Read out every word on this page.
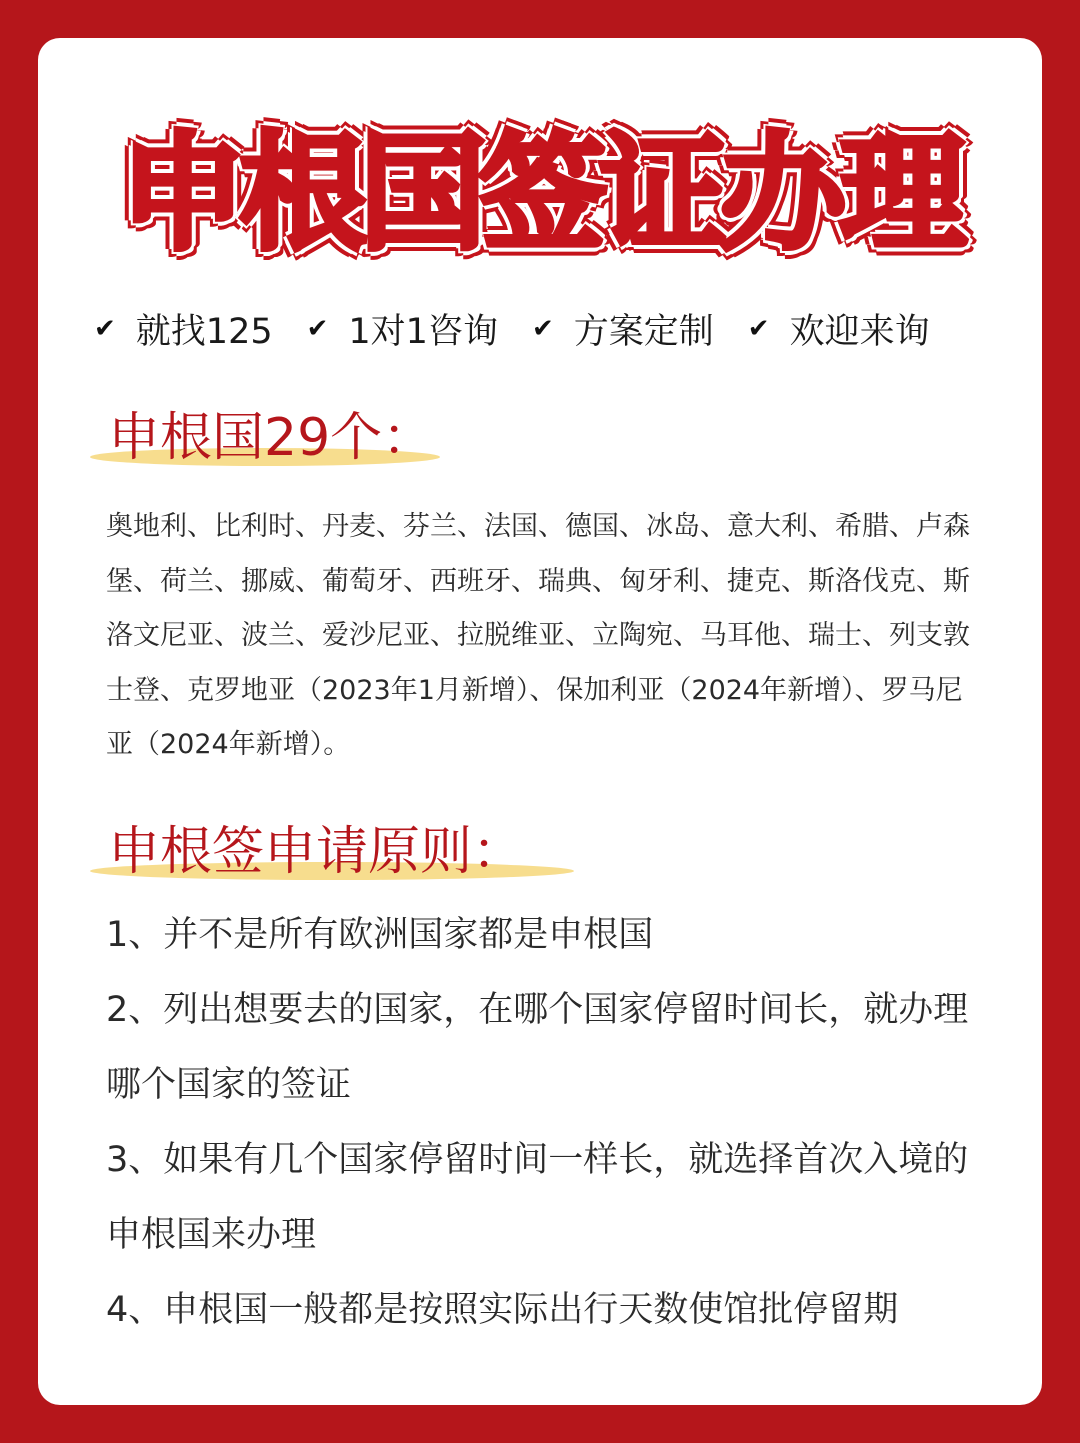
申根国签证办理
✔ 就找125 ✔ 1对1咨询 ✔ 方案定制 ✔ 欢迎来询
申根国29个：
奥地利、比利时、丹麦、芬兰、法国、德国、冰岛、意大利、希腊、卢森堡、荷兰、挪威、葡萄牙、西班牙、瑞典、匈牙利、捷克、斯洛伐克、斯洛文尼亚、波兰、爱沙尼亚、拉脱维亚、立陶宛、马耳他、瑞士、列支敦士登、克罗地亚（2023年1月新增）、保加利亚（2024年新增）、罗马尼亚（2024年新增）。
申根签申请原则：

1、并不是所有欧洲国家都是申根国

2、列出想要去的国家，在哪个国家停留时间长，就办理哪个国家的签证

3、如果有几个国家停留时间一样长，就选择首次入境的申根国来办理

4、申根国一般都是按照实际出行天数使馆批停留期
